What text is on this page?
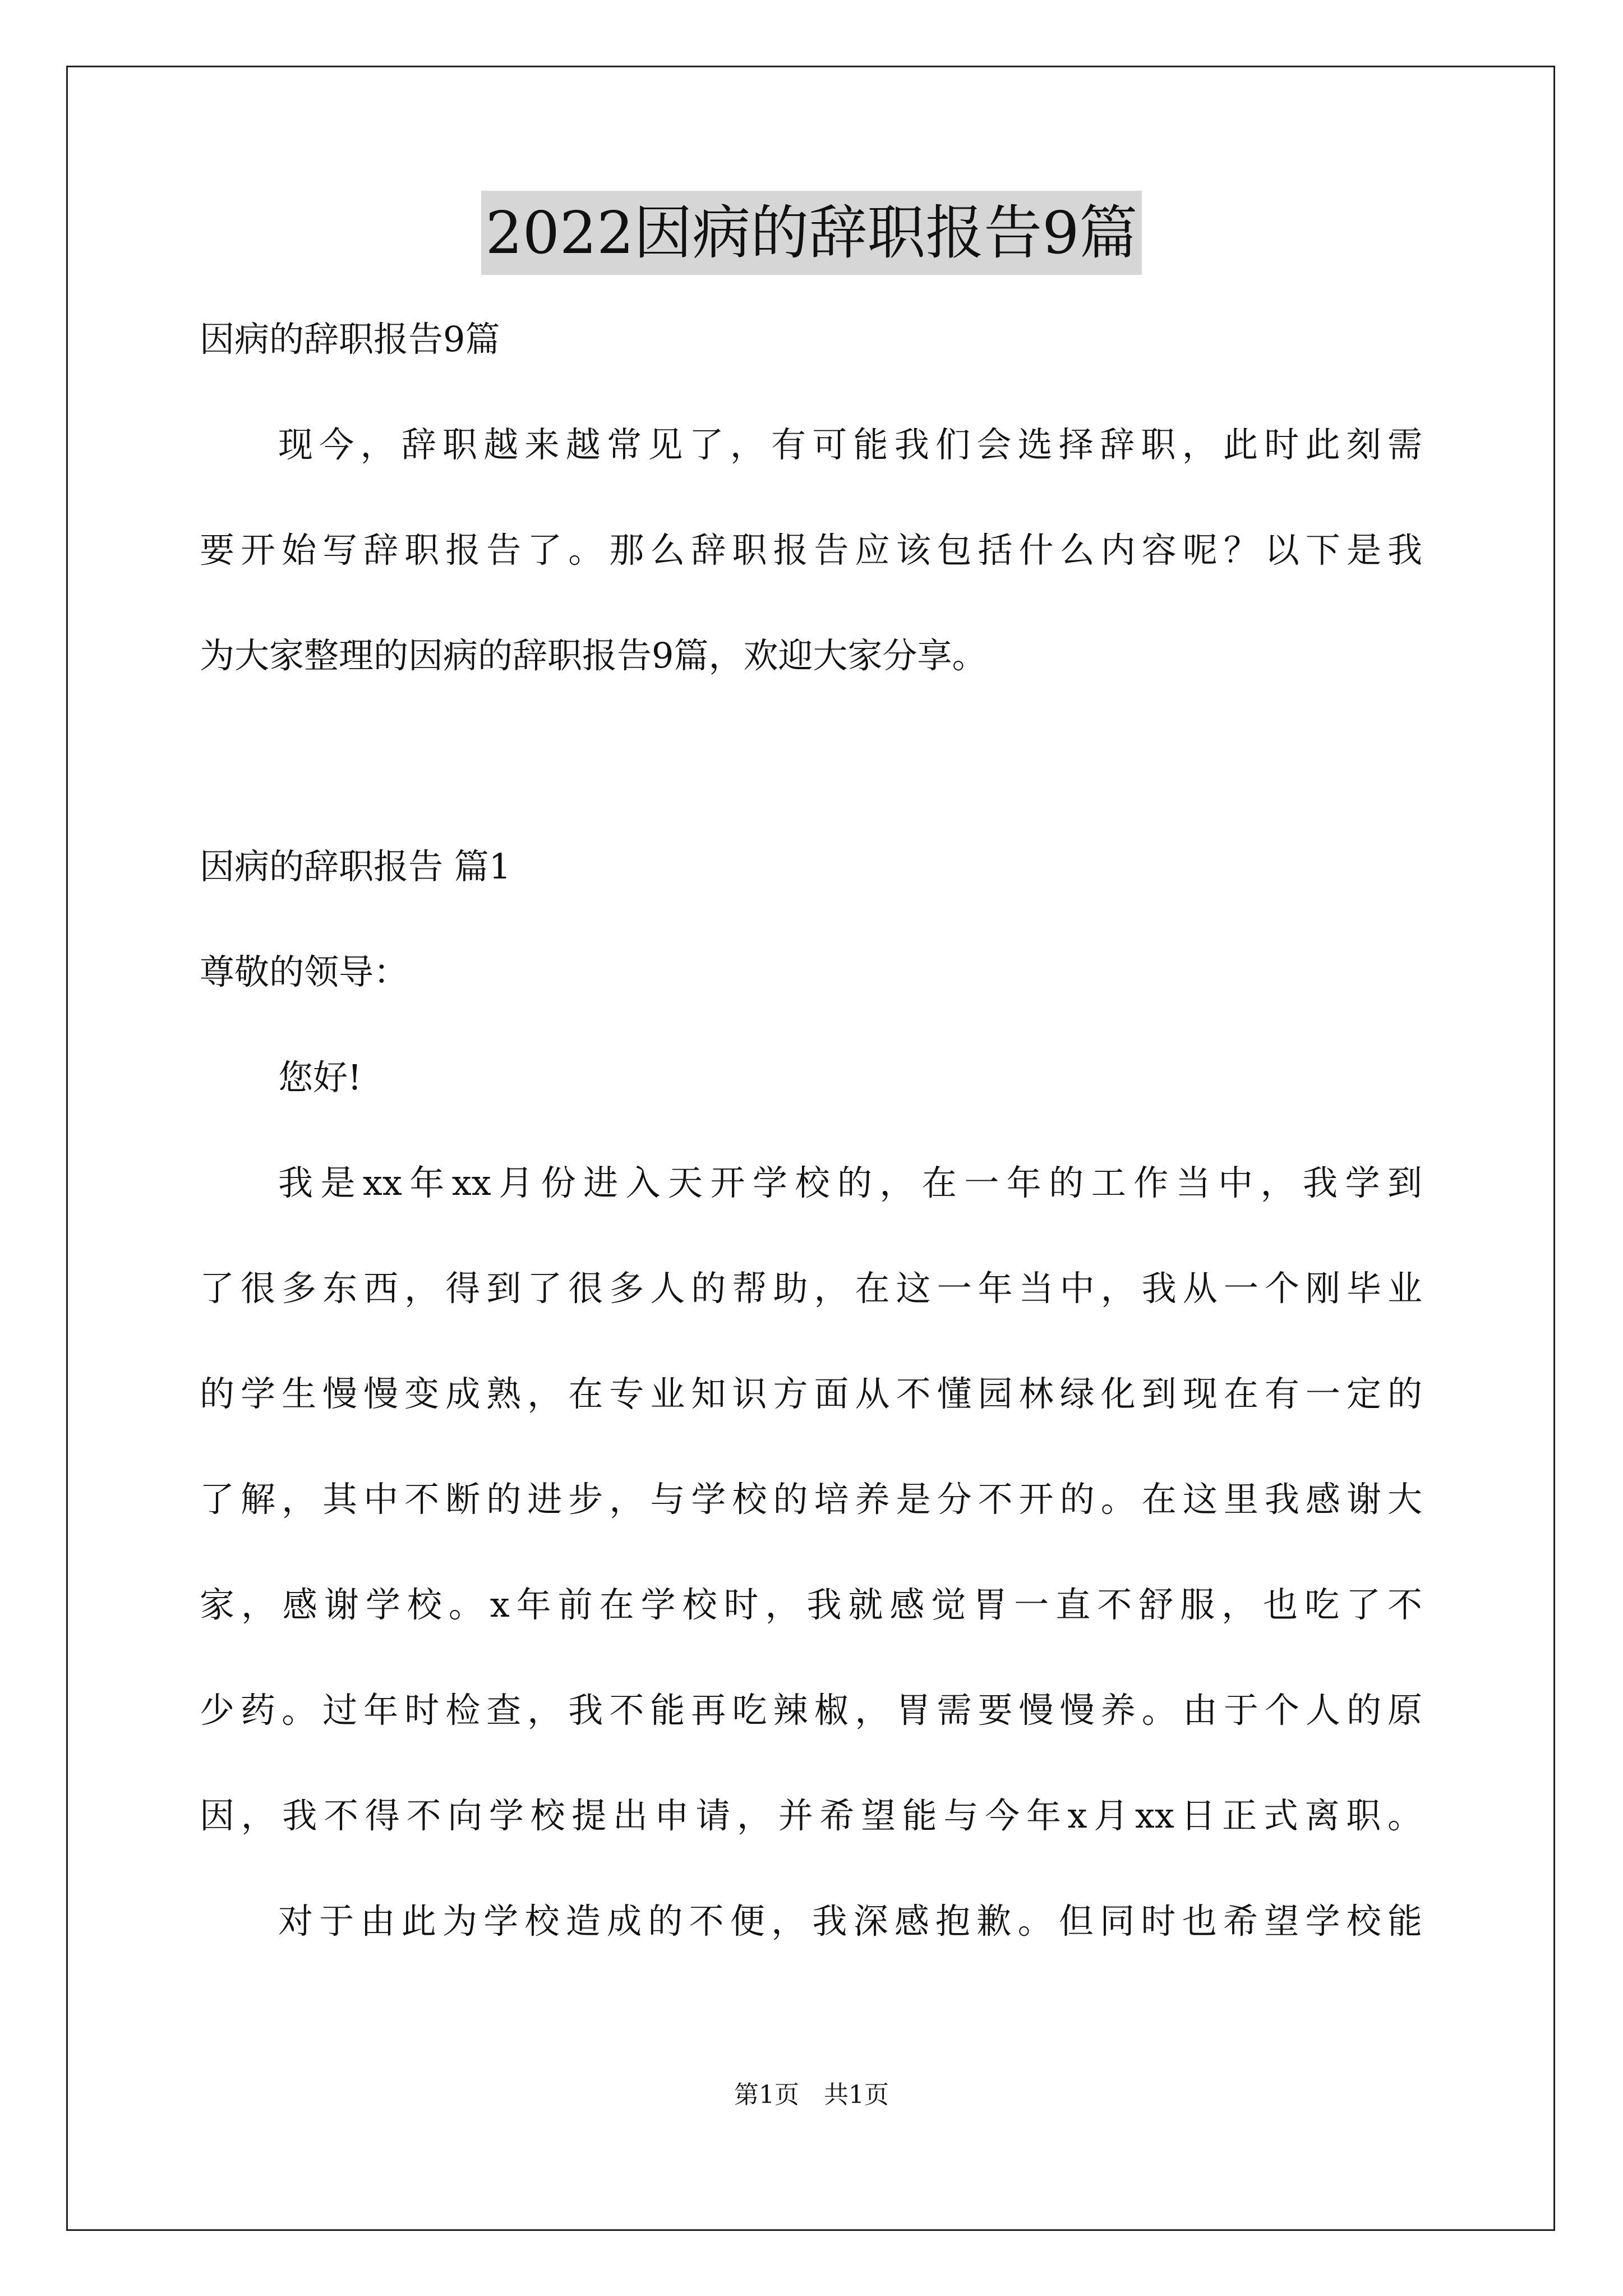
2022因病的辞职报告9篇
因病的辞职报告9篇
现今，辞职越来越常见了，有可能我们会选择辞职，此时此刻需
要开始写辞职报告了。那么辞职报告应该包括什么内容呢？以下是我
为大家整理的因病的辞职报告9篇，欢迎大家分享。
因病的辞职报告 篇1
尊敬的领导：
您好!
我是xx年xx月份进入天开学校的，在一年的工作当中，我学到
了很多东西，得到了很多人的帮助，在这一年当中，我从一个刚毕业
的学生慢慢变成熟，在专业知识方面从不懂园林绿化到现在有一定的
了解，其中不断的进步，与学校的培养是分不开的。在这里我感谢大
家，感谢学校。x年前在学校时，我就感觉胃一直不舒服，也吃了不
少药。过年时检查，我不能再吃辣椒，胃需要慢慢养。由于个人的原
因，我不得不向学校提出申请，并希望能与今年x月xx日正式离职。
对于由此为学校造成的不便，我深感抱歉。但同时也希望学校能
第1页　共1页
